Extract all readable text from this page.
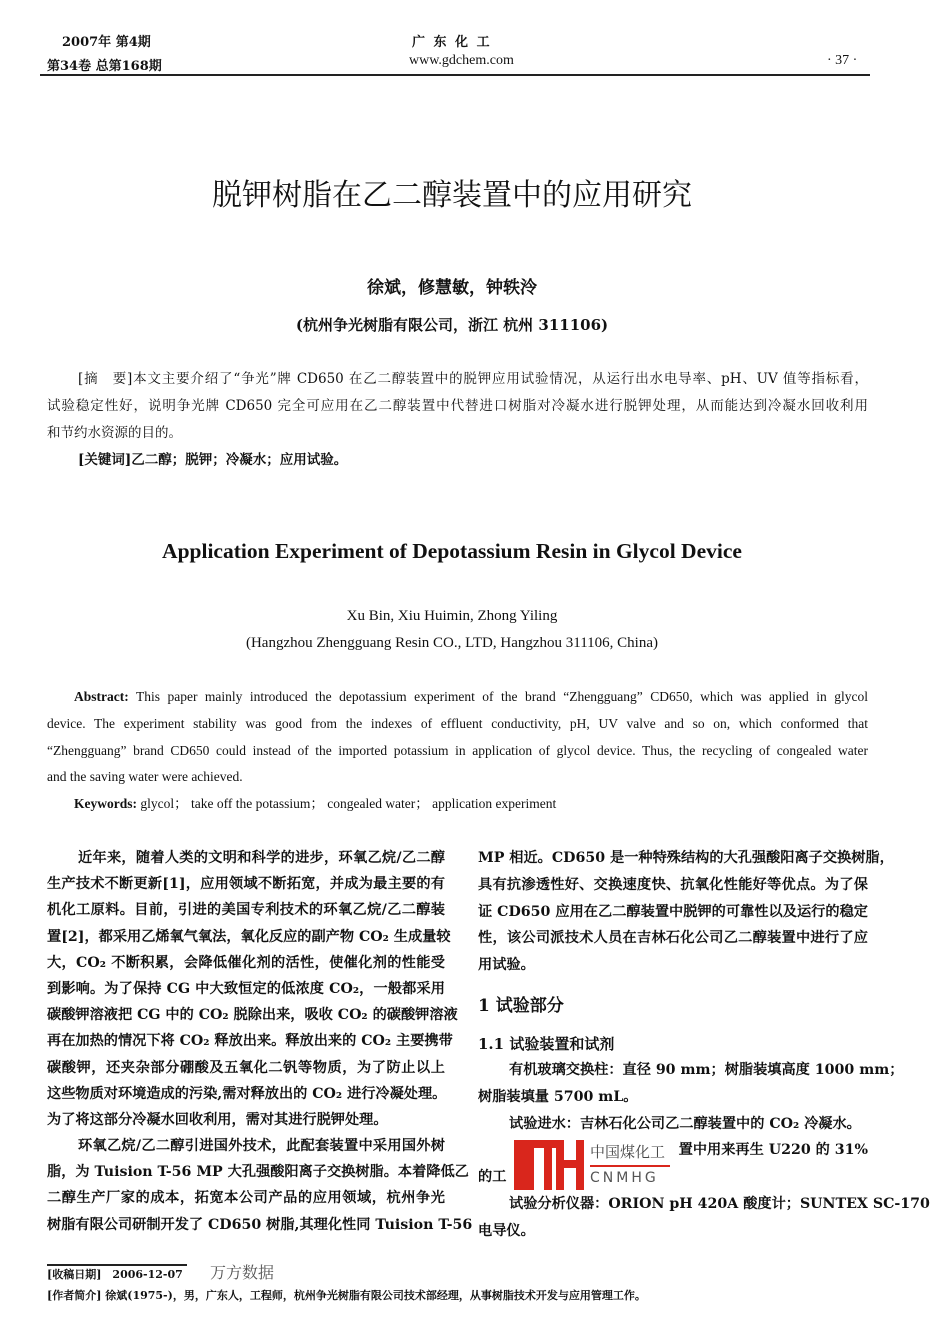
2007年 第4期
第34卷 总第168期
广 东 化 工
www.gdchem.com	· 37 ·
脱钾树脂在乙二醇装置中的应用研究
徐斌，修慧敏，钟轶泠
(杭州争光树脂有限公司，浙江 杭州 311106)
[摘　要]本文主要介绍了“争光”牌 CD650 在乙二醇装置中的脱钾应用试验情况，从运行出水电导率、pH、UV 值等指标看，
试验稳定性好，说明争光牌 CD650 完全可应用在乙二醇装置中代替进口树脂对冷凝水进行脱钾处理，从而能达到冷凝水回收利用
和节约水资源的目的。
[关键词]乙二醇；脱钾；冷凝水；应用试验。
Application Experiment of Depotassium Resin in Glycol Device
Xu Bin, Xiu Huimin, Zhong Yiling
(Hangzhou Zhengguang Resin CO., LTD, Hangzhou 311106, China)
Abstract: This paper mainly introduced the depotassium experiment of the brand “Zhengguang” CD650, which was applied in glycol
device. The experiment stability was good from the indexes of effluent conductivity, pH, UV valve and so on, which conformed that
“Zhengguang” brand CD650 could instead of the imported potassium in application of glycol device. Thus, the recycling of congealed water
and the saving water were achieved.
Keywords: glycol； take off the potassium； congealed water； application experiment
近年来，随着人类的文明和科学的进步，环氧乙烷/乙二醇
生产技术不断更新[1]，应用领域不断拓宽，并成为最主要的有
机化工原料。目前，引进的美国专利技术的环氧乙烷/乙二醇装
置[2]，都采用乙烯氧气氧法，氧化反应的副产物 CO₂ 生成量较
大，CO₂ 不断积累，会降低催化剂的活性，使催化剂的性能受
到影响。为了保持 CG 中大致恒定的低浓度 CO₂，一般都采用
碳酸钾溶液把 CG 中的 CO₂ 脱除出来，吸收 CO₂ 的碳酸钾溶液
再在加热的情况下将 CO₂ 释放出来。释放出来的 CO₂ 主要携带
碳酸钾，还夹杂部分硼酸及五氧化二钒等物质，为了防止以上
这些物质对环境造成的污染,需对释放出的 CO₂ 进行冷凝处理。
为了将这部分冷凝水回收利用，需对其进行脱钾处理。
环氧乙烷/乙二醇引进国外技术，此配套装置中采用国外树
脂，为 Tuision T-56 MP 大孔强酸阳离子交换树脂。本着降低乙
二醇生产厂家的成本，拓宽本公司产品的应用领域，杭州争光
树脂有限公司研制开发了 CD650 树脂,其理化性同 Tuision T-56
MP 相近。CD650 是一种特殊结构的大孔强酸阳离子交换树脂，
具有抗渗透性好、交换速度快、抗氧化性能好等优点。为了保
证 CD650 应用在乙二醇装置中脱钾的可靠性以及运行的稳定
性，该公司派技术人员在吉林石化公司乙二醇装置中进行了应
用试验。
1 试验部分
1.1 试验装置和试剂
有机玻璃交换柱：直径 90 mm；树脂装填高度 1000 mm；
树脂装填量 5700 mL。
试验进水：吉林石化公司乙二醇装置中的 CO₂ 冷凝水。
置中用来再生 U220 的 31%
的工
试验分析仪器：ORION pH 420A 酸度计；SUNTEX SC-170
电导仪。
中国煤化工
CNMHG
[收稿日期]　2006-12-07 万方数据
[作者简介] 徐斌(1975-)，男，广东人，工程师，杭州争光树脂有限公司技术部经理，从事树脂技术开发与应用管理工作。
